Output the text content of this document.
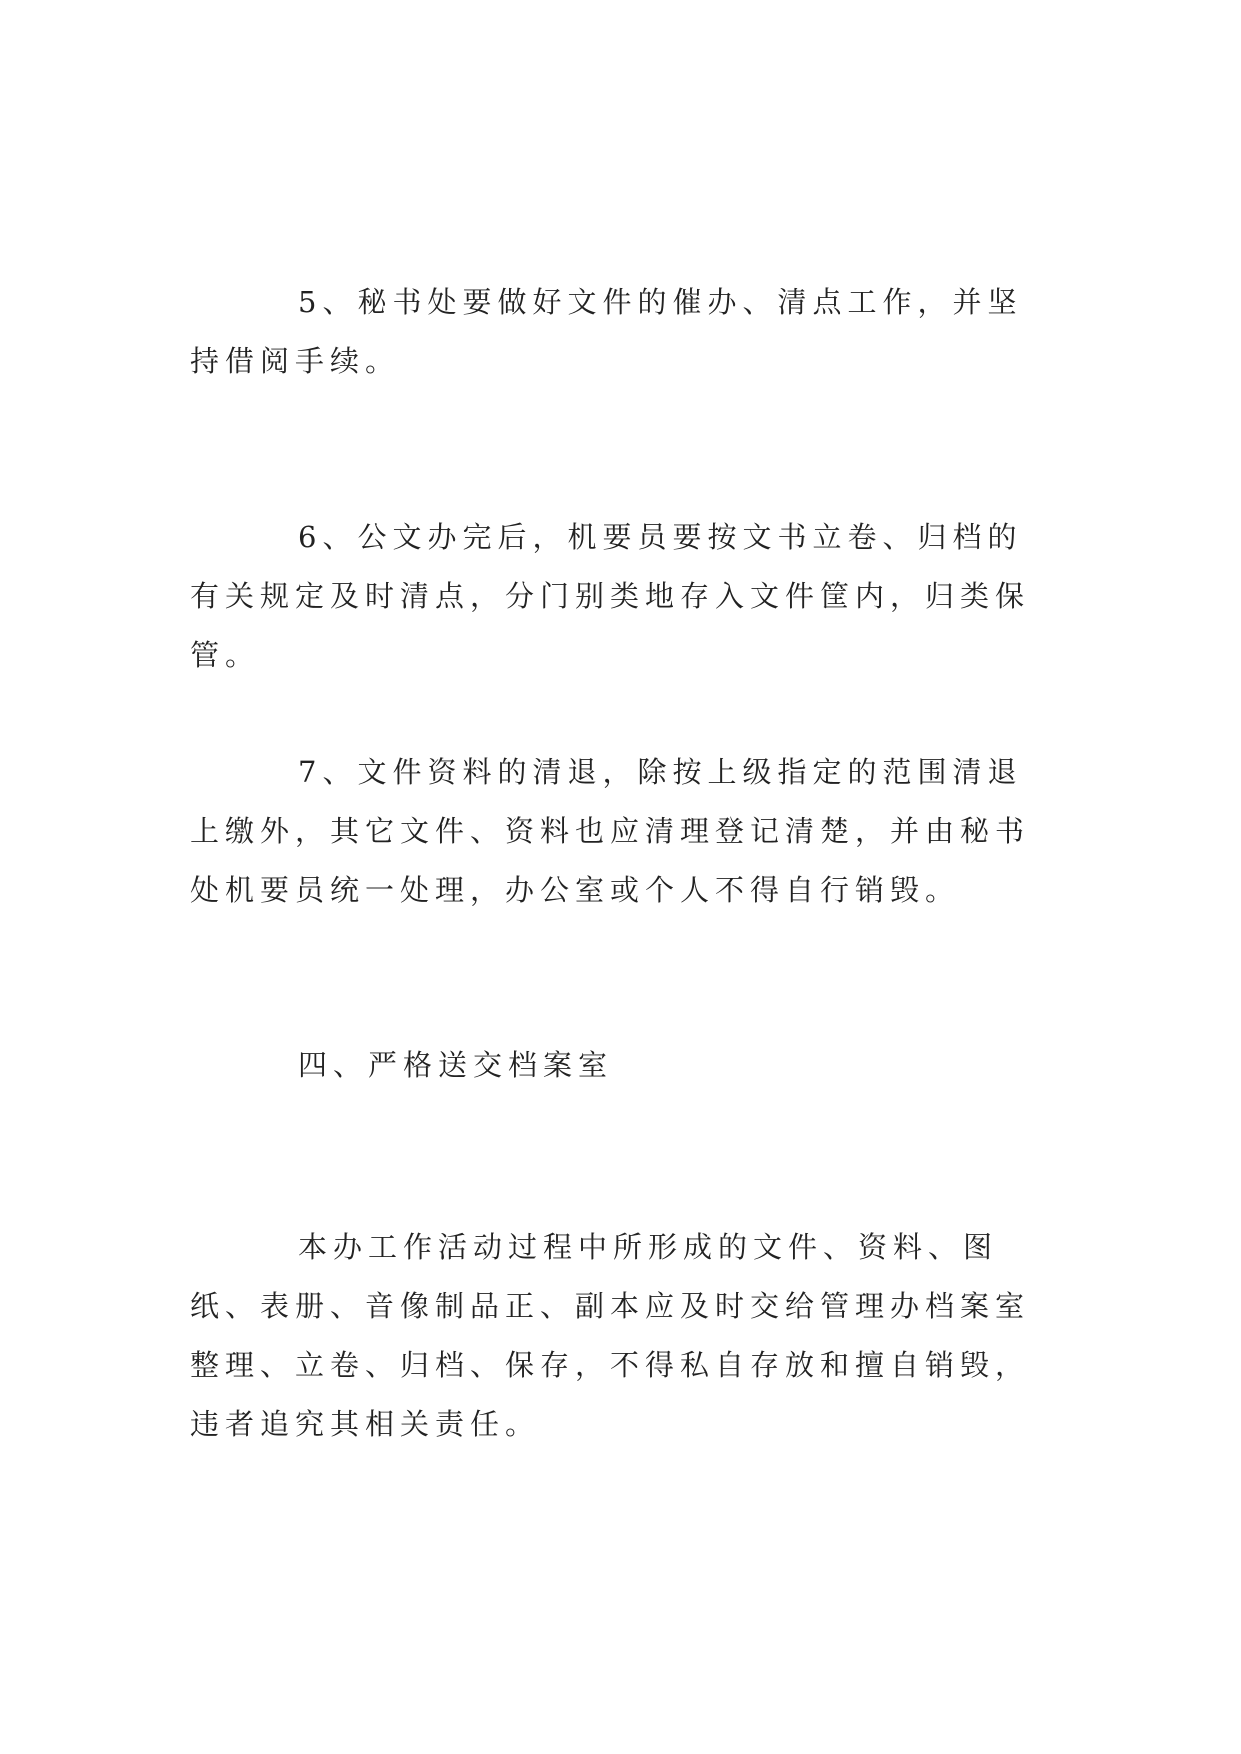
5、秘书处要做好文件的催办、清点工作，并坚持借阅手续。

6、公文办完后，机要员要按文书立卷、归档的有关规定及时清点，分门别类地存入文件筐内，归类保管。

7、文件资料的清退，除按上级指定的范围清退上缴外，其它文件、资料也应清理登记清楚，并由秘书处机要员统一处理，办公室或个人不得自行销毁。

四、严格送交档案室

本办工作活动过程中所形成的文件、资料、图纸、表册、音像制品正、副本应及时交给管理办档案室整理、立卷、归档、保存，不得私自存放和擅自销毁，违者追究其相关责任。
